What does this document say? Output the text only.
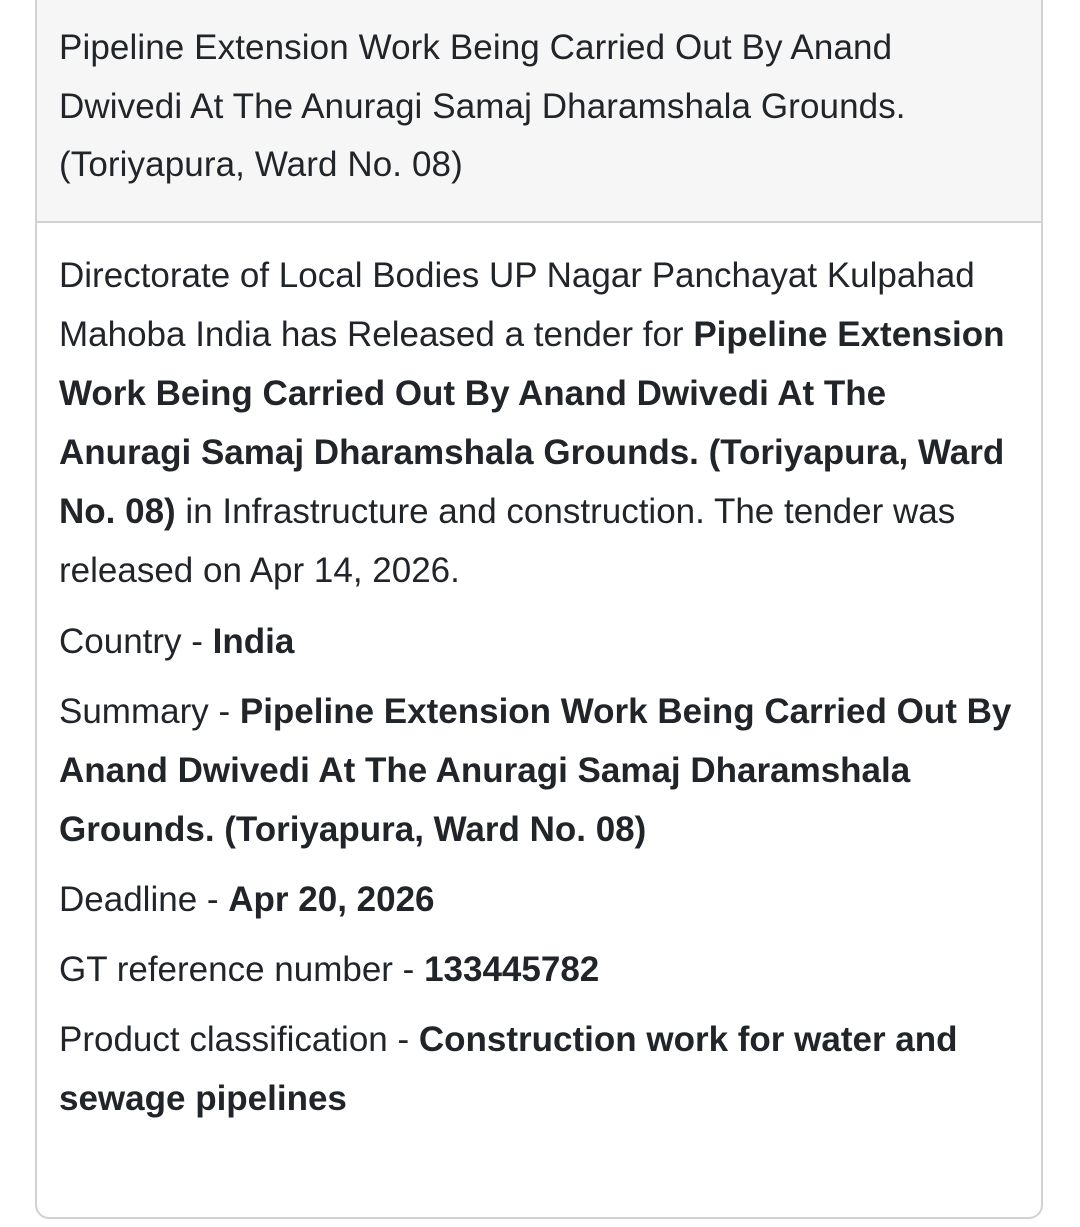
Pipeline Extension Work Being Carried Out By Anand Dwivedi At The Anuragi Samaj Dharamshala Grounds. (Toriyapura, Ward No. 08)

Directorate of Local Bodies UP Nagar Panchayat Kulpahad Mahoba India has Released a tender for Pipeline Extension Work Being Carried Out By Anand Dwivedi At The Anuragi Samaj Dharamshala Grounds. (Toriyapura, Ward No. 08) in Infrastructure and construction. The tender was released on Apr 14, 2026.

Country - India

Summary - Pipeline Extension Work Being Carried Out By Anand Dwivedi At The Anuragi Samaj Dharamshala Grounds. (Toriyapura, Ward No. 08)

Deadline - Apr 20, 2026

GT reference number - 133445782

Product classification - Construction work for water and sewage pipelines
